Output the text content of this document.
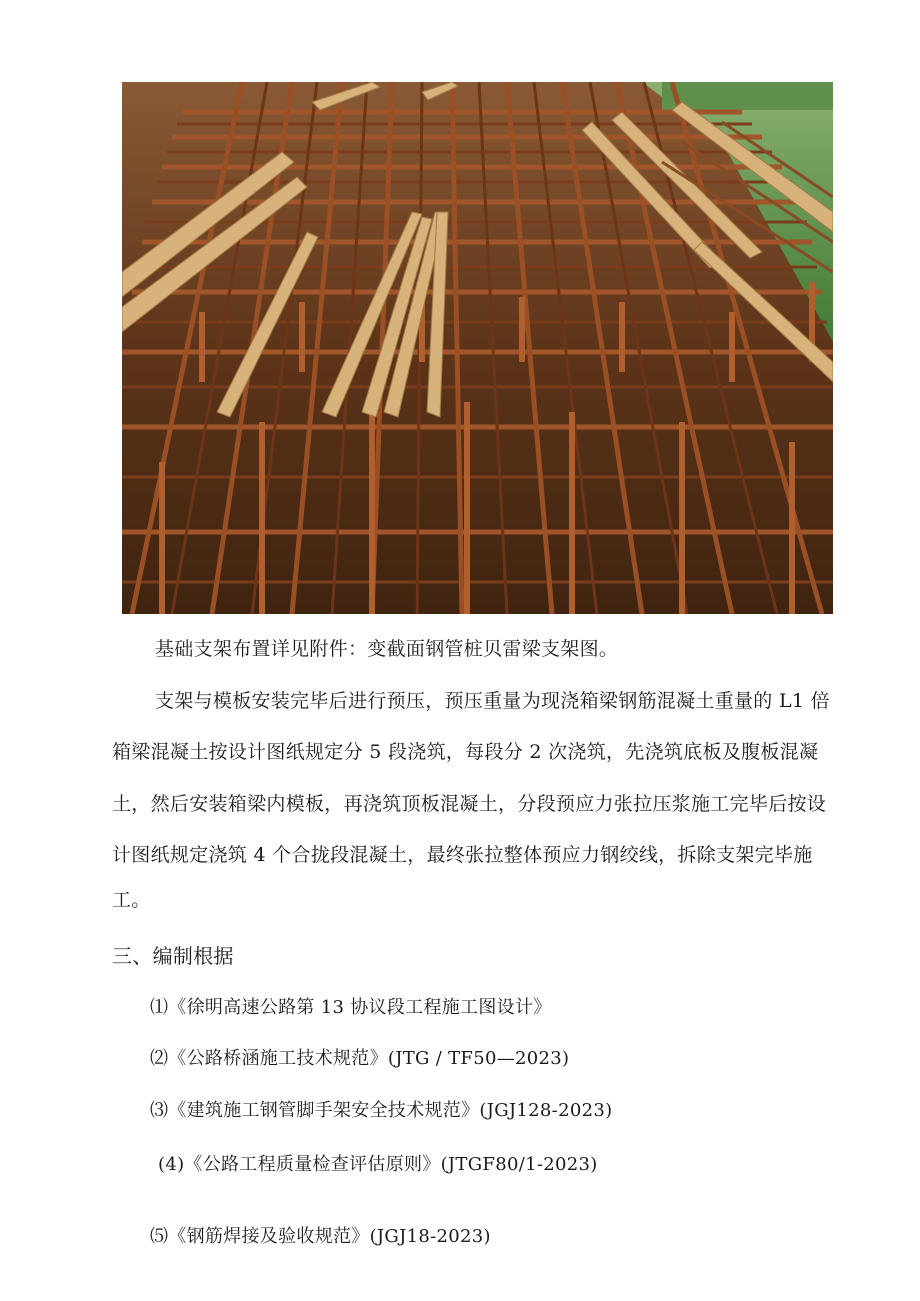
基础支架布置详见附件：变截面钢管桩贝雷梁支架图。
支架与模板安装完毕后进行预压，预压重量为现浇箱梁钢筋混凝土重量的 L1 倍
箱梁混凝土按设计图纸规定分 5 段浇筑，每段分 2 次浇筑，先浇筑底板及腹板混凝
土，然后安装箱梁内模板，再浇筑顶板混凝土，分段预应力张拉压浆施工完毕后按设
计图纸规定浇筑 4 个合拢段混凝土，最终张拉整体预应力钢绞线，拆除支架完毕施
工。
三、编制根据
⑴《徐明高速公路第 13 协议段工程施工图设计》
⑵《公路桥涵施工技术规范》(JTG / TF50—2023)
⑶《建筑施工钢管脚手架安全技术规范》(JGJ128-2023)
(4)《公路工程质量检查评估原则》(JTGF80/1-2023)
⑸《钢筋焊接及验收规范》(JGJ18-2023)
